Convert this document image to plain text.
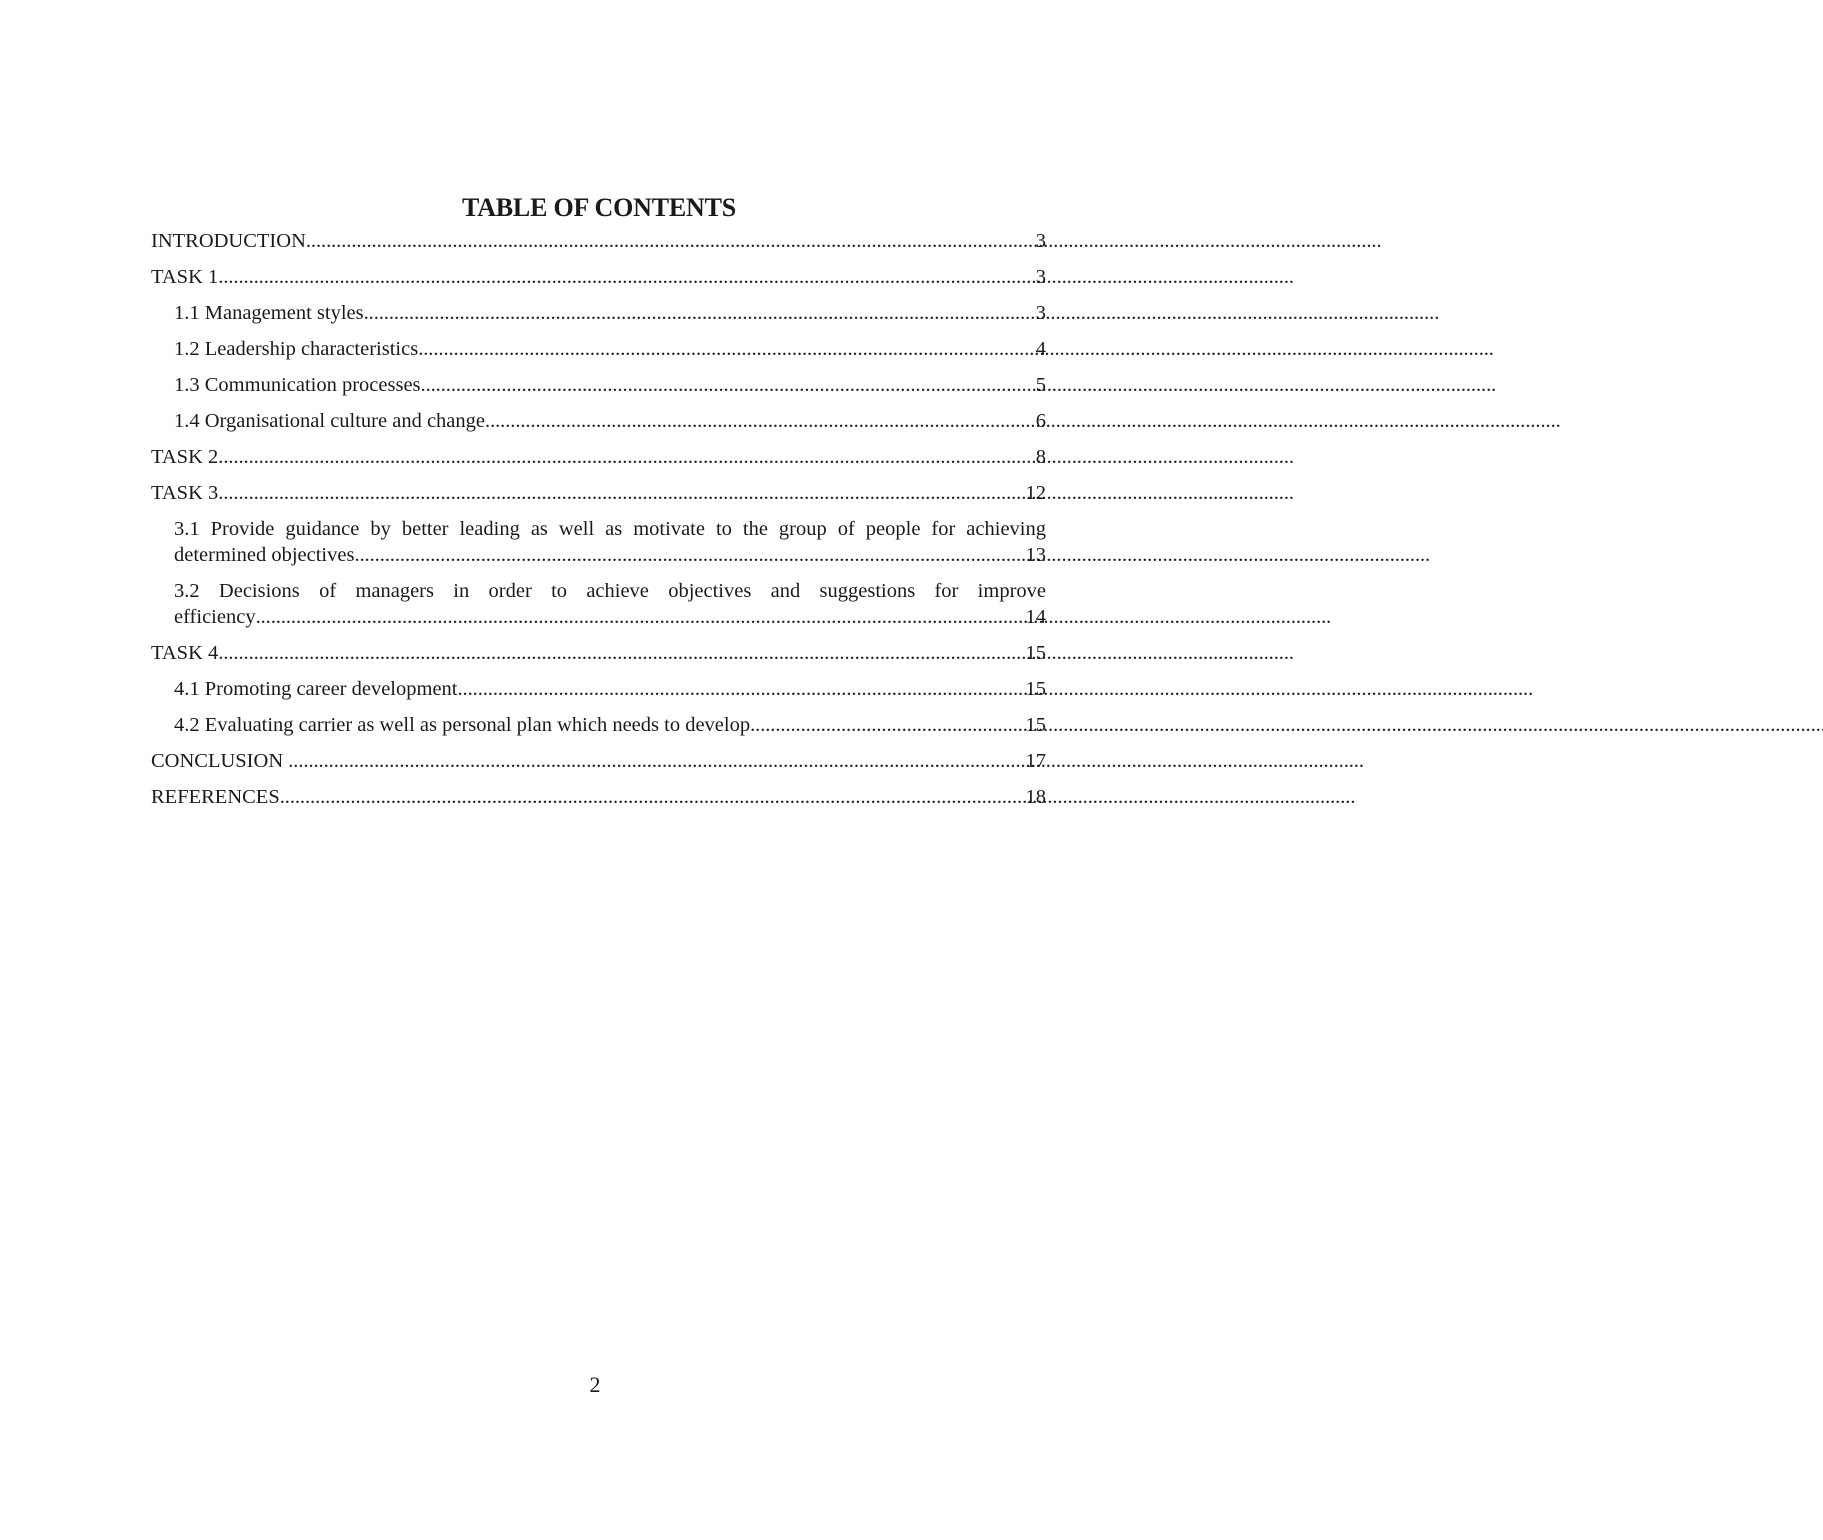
TABLE OF CONTENTS
INTRODUCTION . . .	3
TASK 1 . . .	3
1.1 Management styles . . .	3
1.2 Leadership characteristics . . .	4
1.3 Communication processes . . .	5
1.4 Organisational culture and change . . .	6
TASK 2 . . .	8
TASK 3 . . .	12
3.1 Provide guidance by better leading as well as motivate to the group of people for achieving
determined objectives . . .	13
3.2 Decisions of managers in order to achieve objectives and suggestions for improve
efficiency . . .	14
TASK 4 . . .	15
4.1 Promoting career development . . .	15
4.2 Evaluating carrier as well as personal plan which needs to develop . . .	15
CONCLUSION . . .	17
REFERENCES . . .	18
2
